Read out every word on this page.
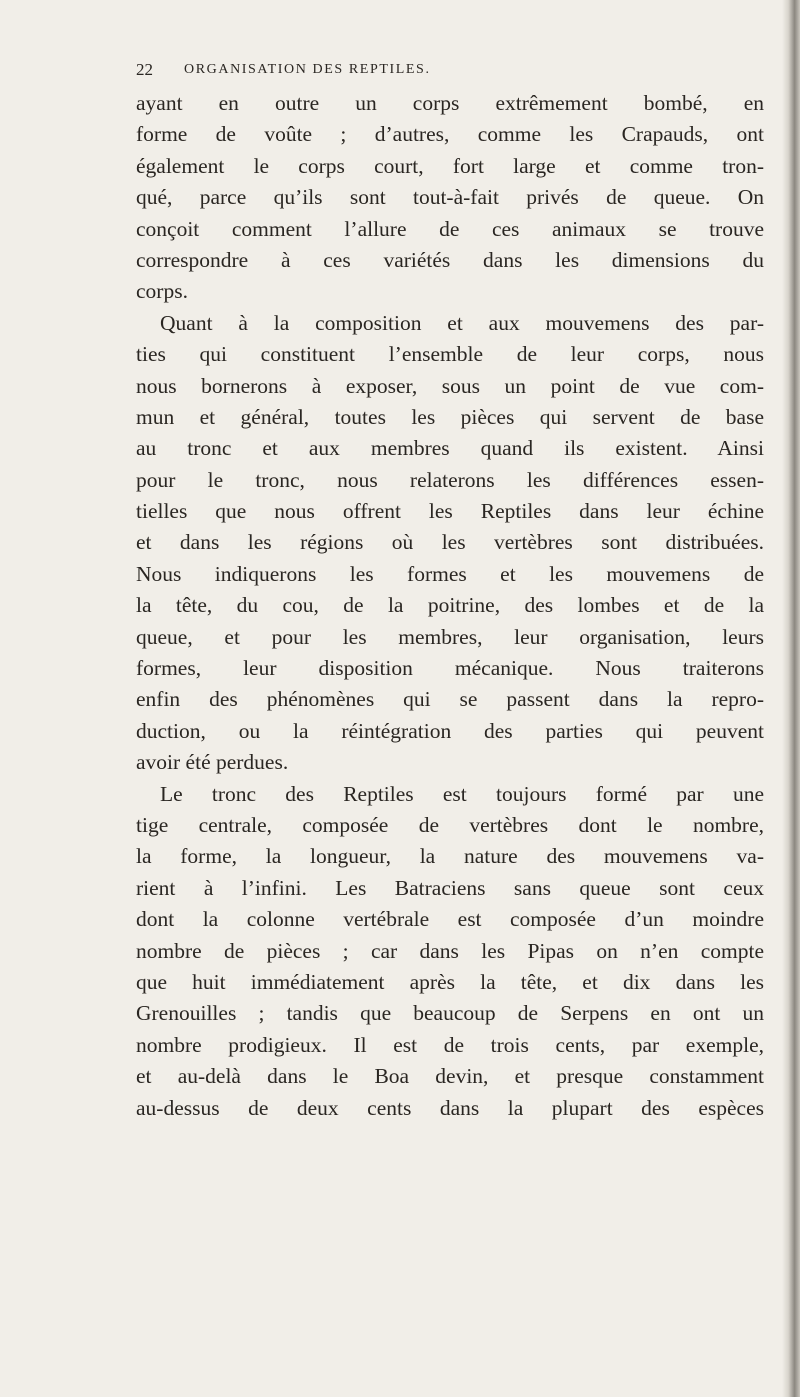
22 ORGANISATION DES REPTILES.
ayant en outre un corps extrêmement bombé, en
forme de voûte ; d’autres, comme les Crapauds, ont
également le corps court, fort large et comme tron-
qué, parce qu’ils sont tout-à-fait privés de queue. On
conçoit comment l’allure de ces animaux se trouve
correspondre à ces variétés dans les dimensions du
corps.
Quant à la composition et aux mouvemens des par-
ties qui constituent l’ensemble de leur corps, nous
nous bornerons à exposer, sous un point de vue com-
mun et général, toutes les pièces qui servent de base
au tronc et aux membres quand ils existent. Ainsi
pour le tronc, nous relaterons les différences essen-
tielles que nous offrent les Reptiles dans leur échine
et dans les régions où les vertèbres sont distribuées.
Nous indiquerons les formes et les mouvemens de
la tête, du cou, de la poitrine, des lombes et de la
queue, et pour les membres, leur organisation, leurs
formes, leur disposition mécanique. Nous traiterons
enfin des phénomènes qui se passent dans la repro-
duction, ou la réintégration des parties qui peuvent
avoir été perdues.
Le tronc des Reptiles est toujours formé par une
tige centrale, composée de vertèbres dont le nombre,
la forme, la longueur, la nature des mouvemens va-
rient à l’infini. Les Batraciens sans queue sont ceux
dont la colonne vertébrale est composée d’un moindre
nombre de pièces ; car dans les Pipas on n’en compte
que huit immédiatement après la tête, et dix dans les
Grenouilles ; tandis que beaucoup de Serpens en ont un
nombre prodigieux. Il est de trois cents, par exemple,
et au-delà dans le Boa devin, et presque constamment
au-dessus de deux cents dans la plupart des espèces
